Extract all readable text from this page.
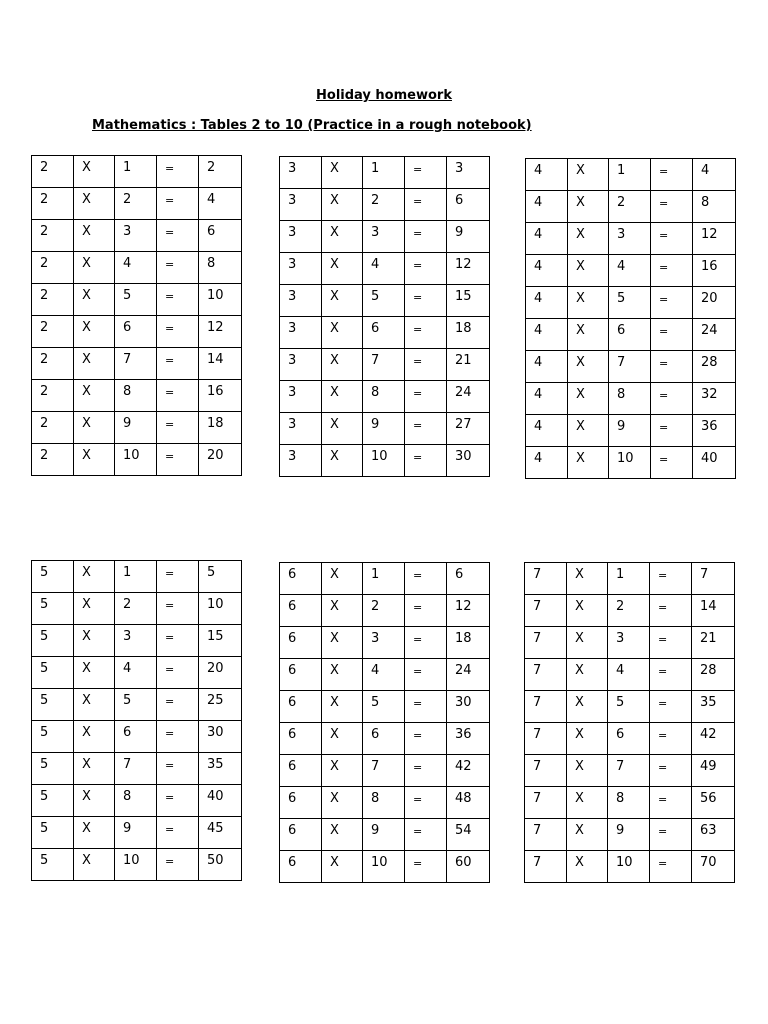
Holiday homework
Mathematics : Tables 2 to 10 (Practice in a rough notebook)
2	X	1	=	2
2	X	2	=	4
2	X	3	=	6
2	X	4	=	8
2	X	5	=	10
2	X	6	=	12
2	X	7	=	14
2	X	8	=	16
2	X	9	=	18
2	X	10	=	20
3	X	1	=	3
3	X	2	=	6
3	X	3	=	9
3	X	4	=	12
3	X	5	=	15
3	X	6	=	18
3	X	7	=	21
3	X	8	=	24
3	X	9	=	27
3	X	10	=	30
4	X	1	=	4
4	X	2	=	8
4	X	3	=	12
4	X	4	=	16
4	X	5	=	20
4	X	6	=	24
4	X	7	=	28
4	X	8	=	32
4	X	9	=	36
4	X	10	=	40
5	X	1	=	5
5	X	2	=	10
5	X	3	=	15
5	X	4	=	20
5	X	5	=	25
5	X	6	=	30
5	X	7	=	35
5	X	8	=	40
5	X	9	=	45
5	X	10	=	50
6	X	1	=	6
6	X	2	=	12
6	X	3	=	18
6	X	4	=	24
6	X	5	=	30
6	X	6	=	36
6	X	7	=	42
6	X	8	=	48
6	X	9	=	54
6	X	10	=	60
7	X	1	=	7
7	X	2	=	14
7	X	3	=	21
7	X	4	=	28
7	X	5	=	35
7	X	6	=	42
7	X	7	=	49
7	X	8	=	56
7	X	9	=	63
7	X	10	=	70
